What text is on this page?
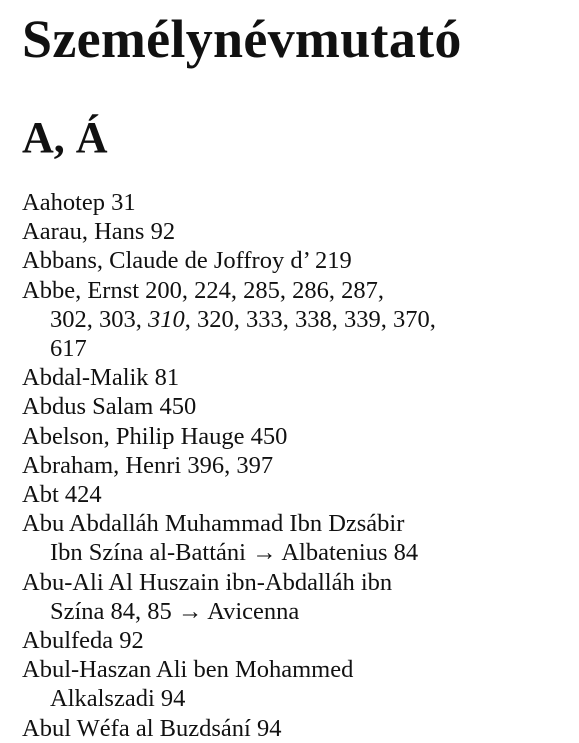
Személynévmutató
A, Á
Aahotep 31
Aarau, Hans 92
Abbans, Claude de Joffroy d’ 219
Abbe, Ernst 200, 224, 285, 286, 287,
302, 303, 310, 320, 333, 338, 339, 370,
617
Abdal-Malik 81
Abdus Salam 450
Abelson, Philip Hauge 450
Abraham, Henri 396, 397
Abt 424
Abu Abdalláh Muhammad Ibn Dzsábir
Ibn Szína al-Battáni → Albatenius 84
Abu-Ali Al Huszain ibn-Abdalláh ibn
Szína 84, 85 → Avicenna
Abulfeda 92
Abul-Haszan Ali ben Mohammed
Alkalszadi 94
Abul Wéfa al Buzdsání 94
